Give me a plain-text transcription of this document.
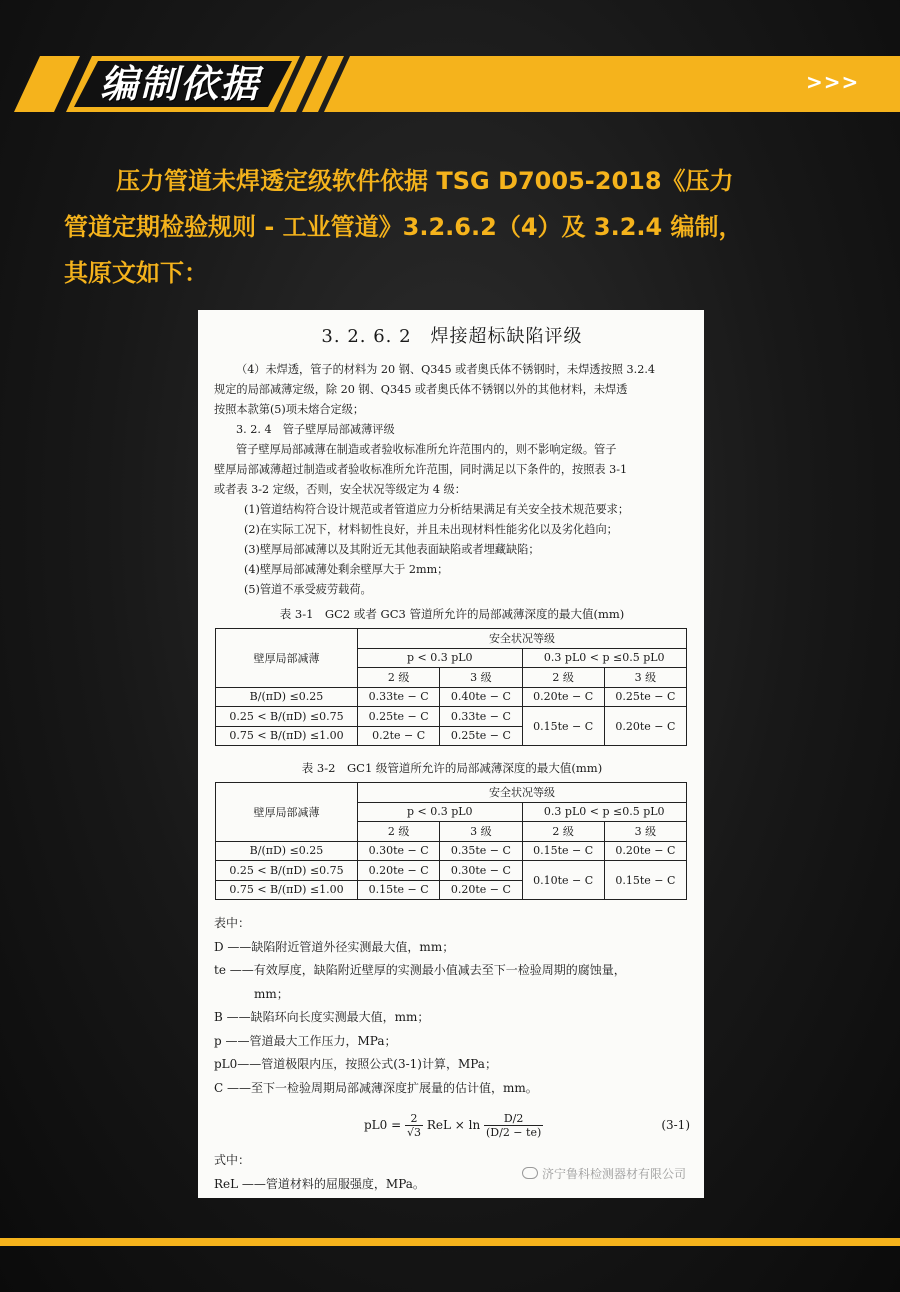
编制依据	>>>
压力管道未焊透定级软件依据 TSG D7005-2018《压力
管道定期检验规则 - 工业管道》3.2.6.2（4）及 3.2.4 编制，
其原文如下：
3. 2. 6. 2　焊接超标缺陷评级
（4）未焊透，管子的材料为 20 钢、Q345 或者奥氏体不锈钢时，未焊透按照 3.2.4
规定的局部减薄定级，除 20 钢、Q345 或者奥氏体不锈钢以外的其他材料，未焊透
按照本款第(5)项未熔合定级；
3. 2. 4　管子壁厚局部减薄评级
管子壁厚局部减薄在制造或者验收标准所允许范围内的，则不影响定级。管子
壁厚局部减薄超过制造或者验收标准所允许范围，同时满足以下条件的，按照表 3-1
或者表 3-2 定级，否则，安全状况等级定为 4 级：
(1)管道结构符合设计规范或者管道应力分析结果满足有关安全技术规范要求；
(2)在实际工况下，材料韧性良好，并且未出现材料性能劣化以及劣化趋向；
(3)壁厚局部减薄以及其附近无其他表面缺陷或者埋藏缺陷；
(4)壁厚局部减薄处剩余壁厚大于 2mm；
(5)管道不承受疲劳载荷。
表 3-1　GC2 或者 GC3 管道所允许的局部减薄深度的最大值(mm)
壁厚局部减薄	安全状况等级			
	p < 0.3 pL0		0.3 pL0 < p ≤0.5 pL0	
	2 级	3 级	2 级	3 级
B/(πD) ≤0.25	0.33te − C	0.40te − C	0.20te − C	0.25te − C
0.25 < B/(πD) ≤0.75	0.25te − C	0.33te − C	0.15te − C	0.20te − C
0.75 < B/(πD) ≤1.00	0.2te − C	0.25te − C		
表 3-2　GC1 级管道所允许的局部减薄深度的最大值(mm)
壁厚局部减薄	安全状况等级			
	p < 0.3 pL0		0.3 pL0 < p ≤0.5 pL0	
	2 级	3 级	2 级	3 级
B/(πD) ≤0.25	0.30te − C	0.35te − C	0.15te − C	0.20te − C
0.25 < B/(πD) ≤0.75	0.20te − C	0.30te − C	0.10te − C	0.15te − C
0.75 < B/(πD) ≤1.00	0.15te − C	0.20te − C		
表中：
D ——缺陷附近管道外径实测最大值，mm；
te ——有效厚度，缺陷附近壁厚的实测最小值减去至下一检验周期的腐蚀量，
mm；
B ——缺陷环向长度实测最大值，mm；
p ——管道最大工作压力，MPa；
pL0——管道极限内压，按照公式(3-1)计算，MPa；
C ——至下一检验周期局部减薄深度扩展量的估计值，mm。
$pL0 = \frac{2}{√3}$ ReL × $\ln \frac{D/2}{(D/2 - te)}$	(3-1)
式中：
ReL ——管道材料的屈服强度，MPa。
济宁鲁科检测器材有限公司
